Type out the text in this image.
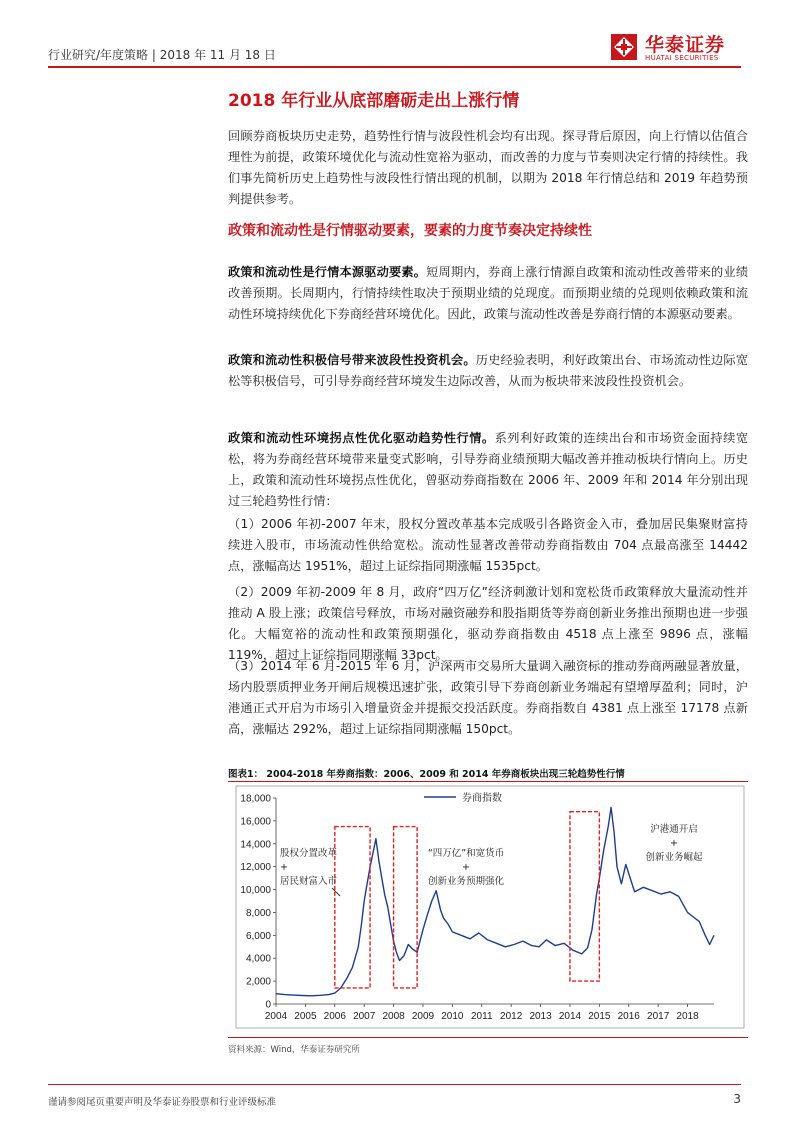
行业研究/年度策略 | 2018 年 11 月 18 日	华泰证券
HUATAI SECURITIES
2018 年行业从底部磨砺走出上涨行情
回顾券商板块历史走势，趋势性行情与波段性机会均有出现。探寻背后原因，向上行情以估值合理性为前提，政策环境优化与流动性宽裕为驱动，而改善的力度与节奏则决定行情的持续性。我们事先简析历史上趋势性与波段性行情出现的机制，以期为 2018 年行情总结和 2019 年趋势预判提供参考。
政策和流动性是行情驱动要素，要素的力度节奏决定持续性
政策和流动性是行情本源驱动要素。短周期内，券商上涨行情源自政策和流动性改善带来的业绩改善预期。长周期内，行情持续性取决于预期业绩的兑现度。而预期业绩的兑现则依赖政策和流动性环境持续优化下券商经营环境优化。因此，政策与流动性改善是券商行情的本源驱动要素。
政策和流动性积极信号带来波段性投资机会。历史经验表明，利好政策出台、市场流动性边际宽松等积极信号，可引导券商经营环境发生边际改善，从而为板块带来波段性投资机会。
政策和流动性环境拐点性优化驱动趋势性行情。系列利好政策的连续出台和市场资金面持续宽松，将为券商经营环境带来量变式影响，引导券商业绩预期大幅改善并推动板块行情向上。历史上，政策和流动性环境拐点性优化，曾驱动券商指数在 2006 年、2009 年和 2014 年分别出现过三轮趋势性行情：
（1）2006 年初-2007 年末，股权分置改革基本完成吸引各路资金入市，叠加居民集聚财富持续进入股市，市场流动性供给宽松。流动性显著改善带动券商指数由 704 点最高涨至 14442 点，涨幅高达 1951%，超过上证综指同期涨幅 1535pct。
（2）2009 年初-2009 年 8 月，政府“四万亿”经济刺激计划和宽松货币政策释放大量流动性并推动 A 股上涨；政策信号释放，市场对融资融券和股指期货等券商创新业务推出预期也进一步强化。大幅宽裕的流动性和政策预期强化，驱动券商指数由 4518 点上涨至 9896 点，涨幅 119%，超过上证综指同期涨幅 33pct。
（3）2014 年 6 月-2015 年 6 月，沪深两市交易所大量调入融资标的推动券商两融显著放量，场内股票质押业务开闸后规模迅速扩张，政策引导下券商创新业务端起有望增厚盈利；同时，沪港通正式开启为市场引入增量资金并提振交投活跃度。券商指数自 4381 点上涨至 17178 点新高，涨幅达 292%，超过上证综指同期涨幅 150pct。
图表1： 2004-2018 年券商指数：2006、2009 和 2014 年券商板块出现三轮趋势性行情
0
2,000
4,000
6,000
8,000
10,000
12,000
14,000
16,000
18,000
2004 2005 2006 2007 2008 2009 2010 2011 2012 2013 2014 2015 2016 2017 2018
券商指数
股权分置改革
+
居民财富入市
“四万亿”和宽货币
+
创新业务预期强化
沪港通开启
+
创新业务崛起
资料来源：Wind，华泰证券研究所
谨请参阅尾页重要声明及华泰证券股票和行业评级标准	3
